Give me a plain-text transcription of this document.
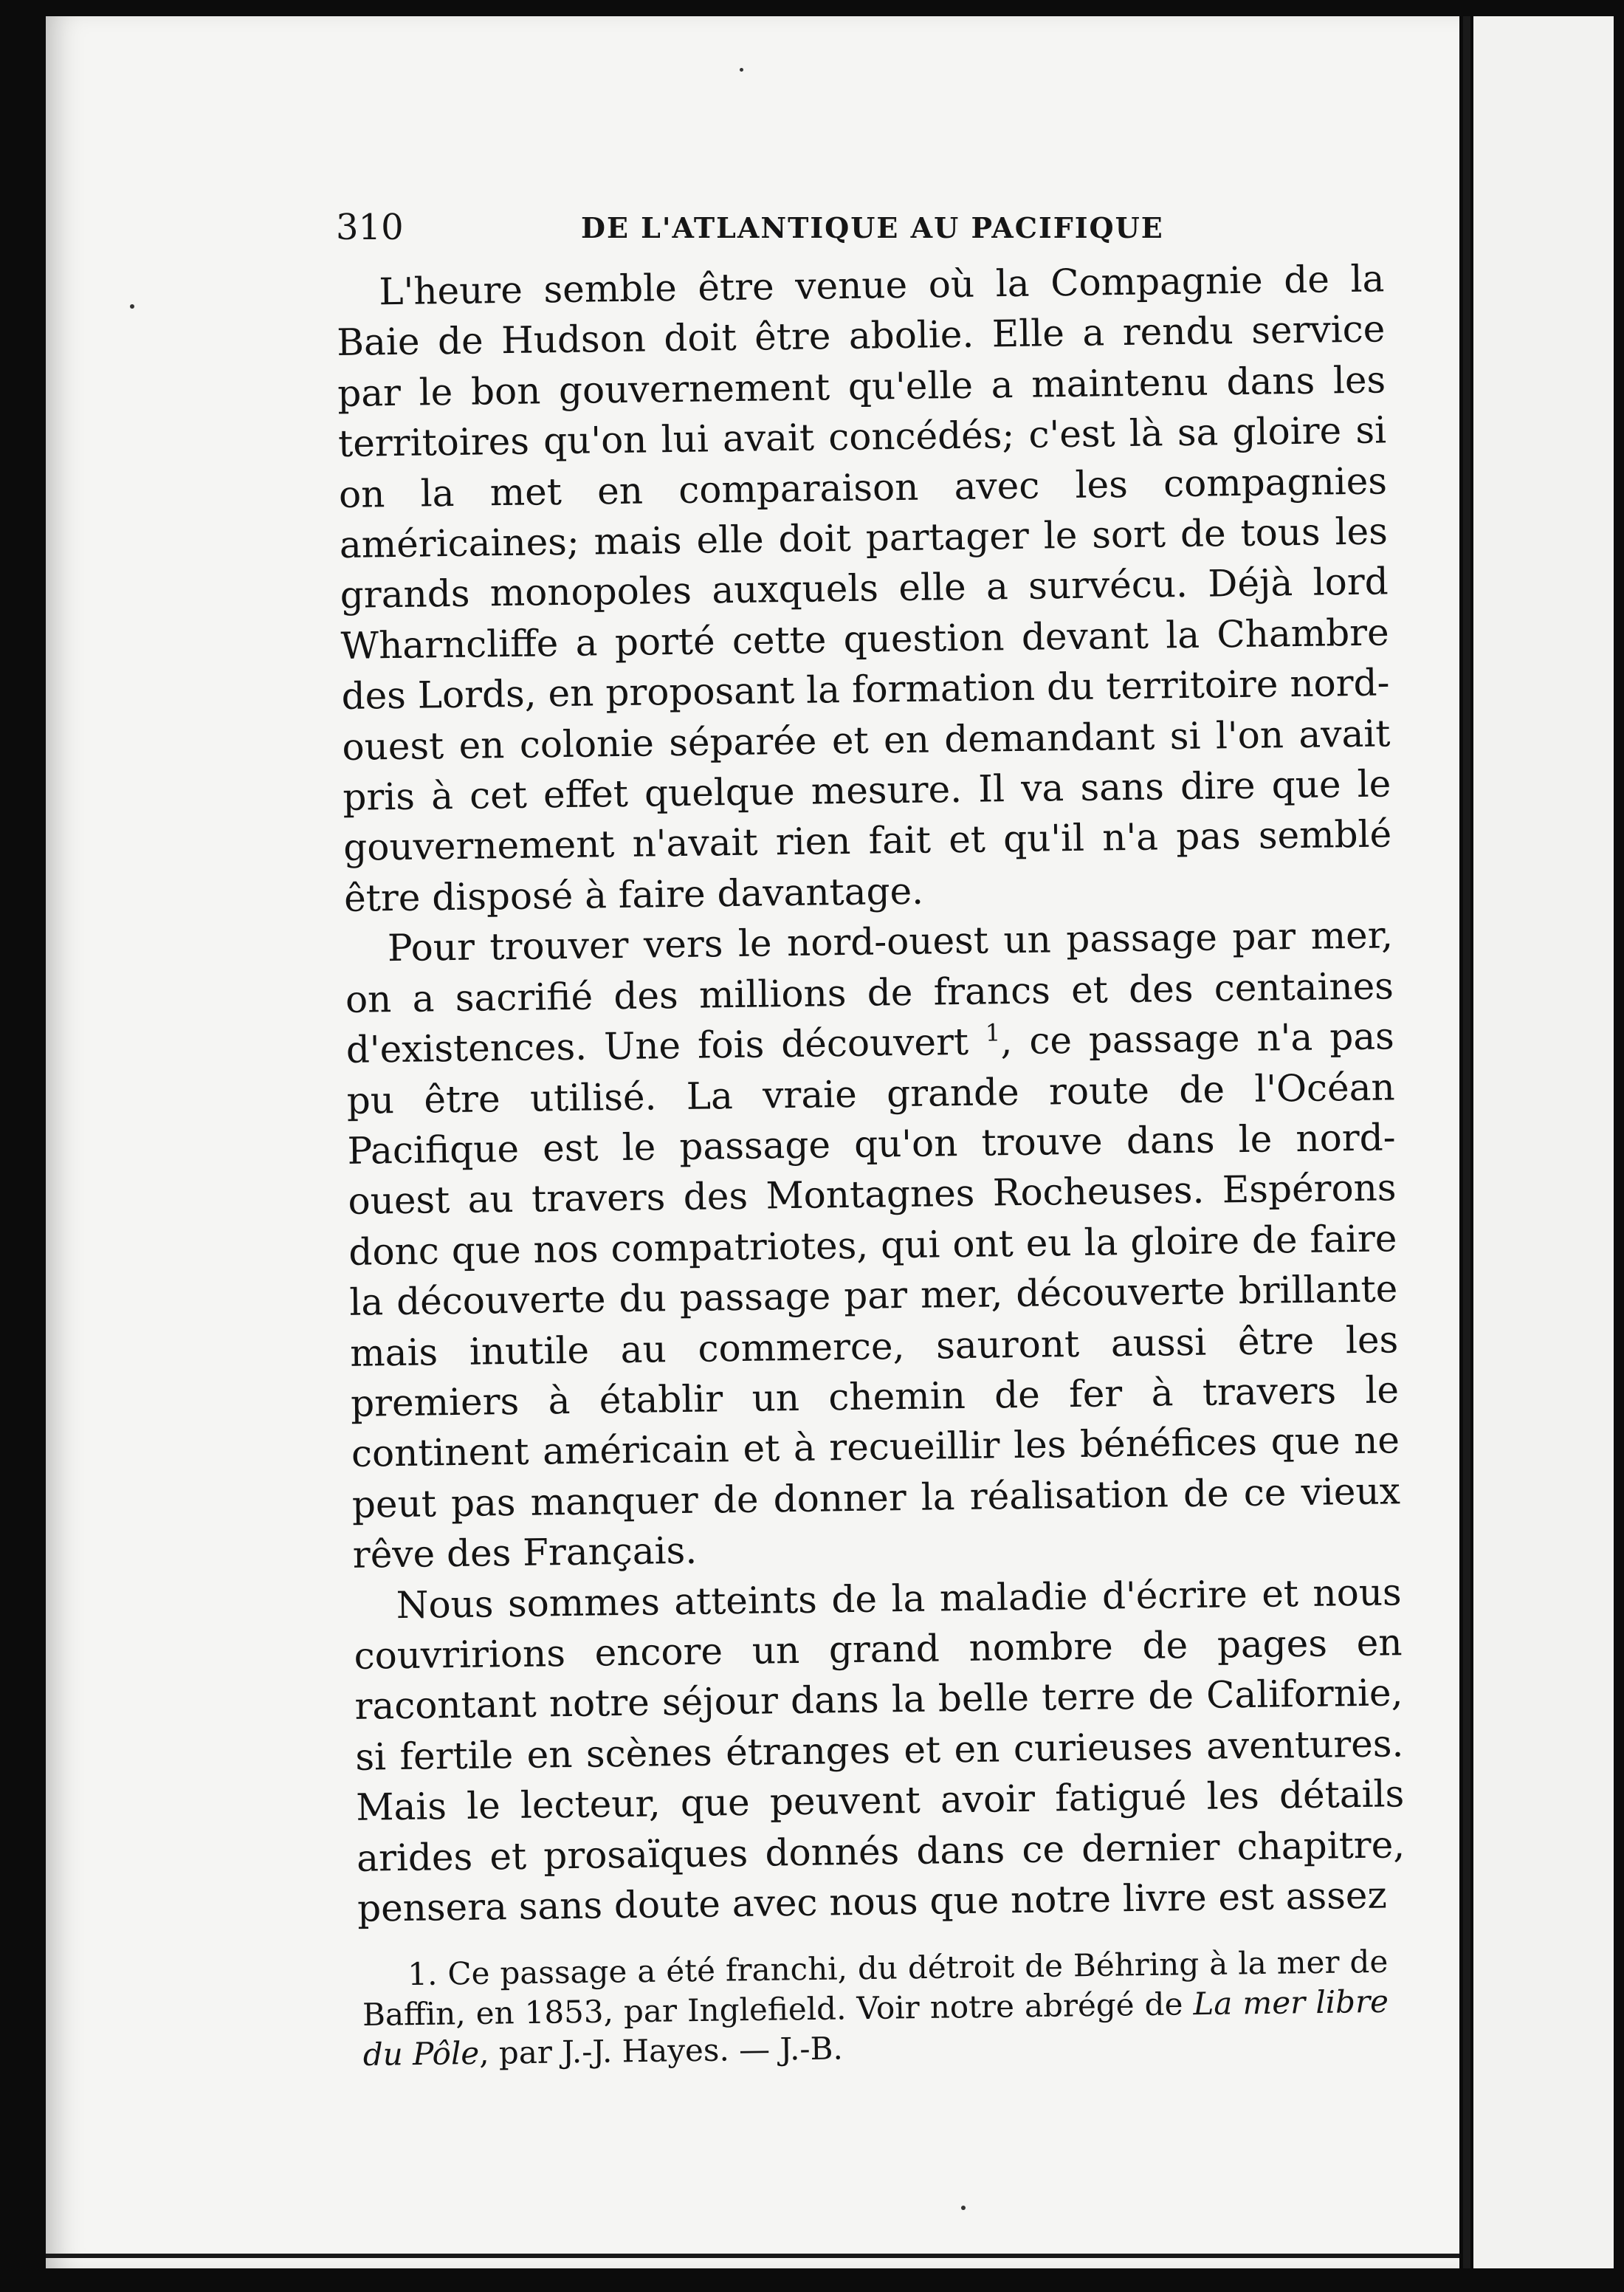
310	DE L'ATLANTIQUE AU PACIFIQUE

L'heure semble être venue où la Compagnie de la Baie de Hudson doit être abolie. Elle a rendu service par le bon gouvernement qu'elle a maintenu dans les territoires qu'on lui avait concédés; c'est là sa gloire si on la met en comparaison avec les compagnies américaines; mais elle doit partager le sort de tous les grands monopoles auxquels elle a survécu. Déjà lord Wharncliffe a porté cette question devant la Chambre des Lords, en proposant la formation du territoire nord-ouest en colonie séparée et en demandant si l'on avait pris à cet effet quelque mesure. Il va sans dire que le gouvernement n'avait rien fait et qu'il n'a pas semblé être disposé à faire davantage.

Pour trouver vers le nord-ouest un passage par mer, on a sacrifié des millions de francs et des centaines d'existences. Une fois découvert $^1$, ce passage n'a pas pu être utilisé. La vraie grande route de l'Océan Pacifique est le passage qu'on trouve dans le nord-ouest au travers des Montagnes Rocheuses. Espérons donc que nos compatriotes, qui ont eu la gloire de faire la découverte du passage par mer, découverte brillante mais inutile au commerce, sauront aussi être les premiers à établir un chemin de fer à travers le continent américain et à recueillir les bénéfices que ne peut pas manquer de donner la réalisation de ce vieux rêve des Français.

Nous sommes atteints de la maladie d'écrire et nous couvririons encore un grand nombre de pages en racontant notre séjour dans la belle terre de Californie, si fertile en scènes étranges et en curieuses aventures. Mais le lecteur, que peuvent avoir fatigué les détails arides et prosaïques donnés dans ce dernier chapitre, pensera sans doute avec nous que notre livre est assez

1. Ce passage a été franchi, du détroit de Béhring à la mer de Baffin, en 1853, par Inglefield. Voir notre abrégé de La mer libre du Pôle, par J.-J. Hayes. — J.-B.
